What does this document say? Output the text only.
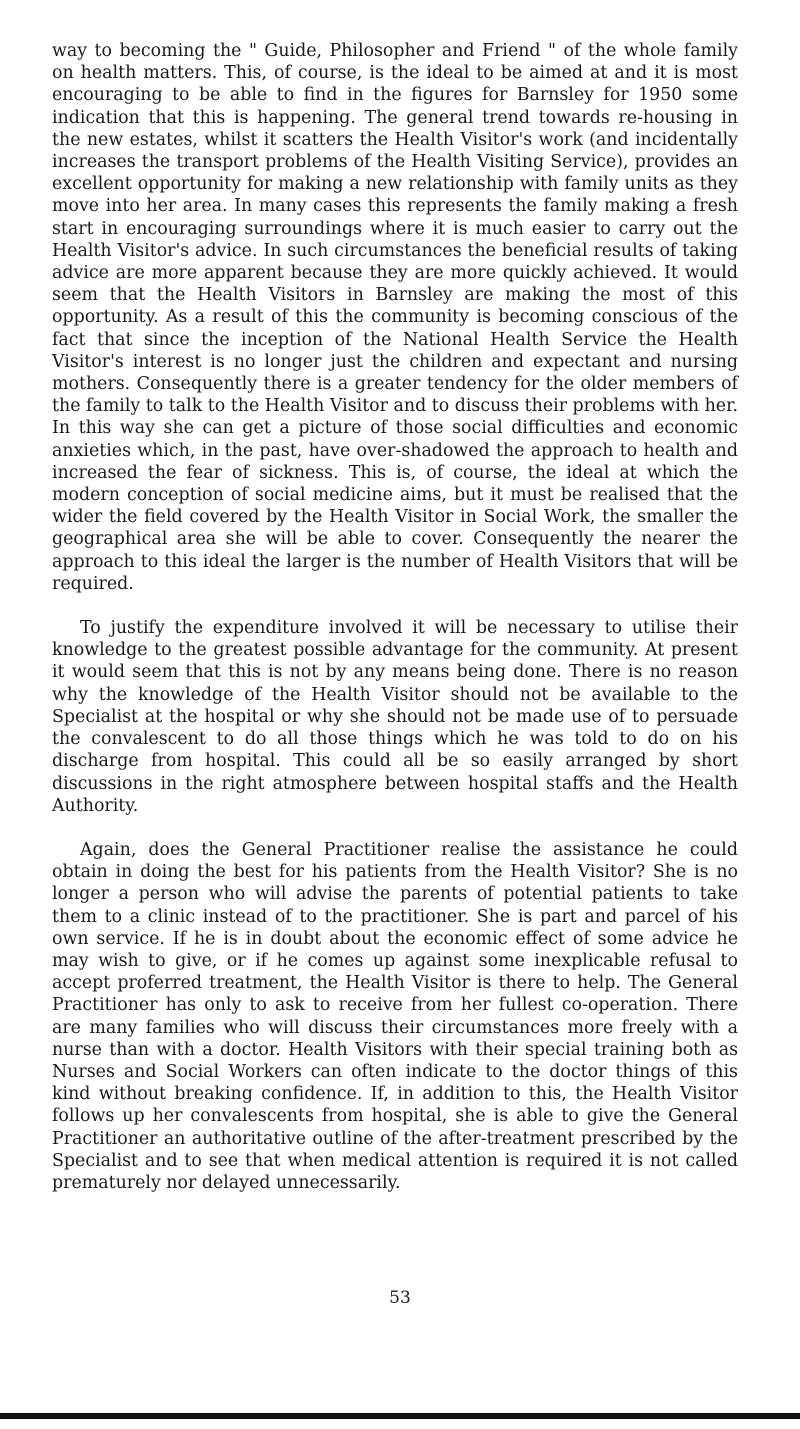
way to becoming the " Guide, Philosopher and Friend " of the whole family on health matters. This, of course, is the ideal to be aimed at and it is most encouraging to be able to find in the figures for Barnsley for 1950 some indication that this is happening. The general trend towards re-housing in the new estates, whilst it scatters the Health Visitor's work (and incidentally increases the transport problems of the Health Visiting Service), provides an excellent opportunity for making a new relationship with family units as they move into her area. In many cases this represents the family making a fresh start in encouraging surroundings where it is much easier to carry out the Health Visitor's advice. In such circumstances the beneficial results of taking advice are more apparent because they are more quickly achieved. It would seem that the Health Visitors in Barnsley are making the most of this opportunity. As a result of this the community is becoming conscious of the fact that since the inception of the National Health Service the Health Visitor's interest is no longer just the children and expectant and nursing mothers. Consequently there is a greater tendency for the older members of the family to talk to the Health Visitor and to discuss their problems with her. In this way she can get a picture of those social difficulties and economic anxieties which, in the past, have over-shadowed the approach to health and increased the fear of sickness. This is, of course, the ideal at which the modern conception of social medicine aims, but it must be realised that the wider the field covered by the Health Visitor in Social Work, the smaller the geographical area she will be able to cover. Consequently the nearer the approach to this ideal the larger is the number of Health Visitors that will be required.

To justify the expenditure involved it will be necessary to utilise their knowledge to the greatest possible advantage for the community. At present it would seem that this is not by any means being done. There is no reason why the knowledge of the Health Visitor should not be available to the Specialist at the hospital or why she should not be made use of to persuade the convalescent to do all those things which he was told to do on his discharge from hospital. This could all be so easily arranged by short discussions in the right atmosphere between hospital staffs and the Health Authority.

Again, does the General Practitioner realise the assistance he could obtain in doing the best for his patients from the Health Visitor? She is no longer a person who will advise the parents of potential patients to take them to a clinic instead of to the practitioner. She is part and parcel of his own service. If he is in doubt about the economic effect of some advice he may wish to give, or if he comes up against some inexplicable refusal to accept proferred treatment, the Health Visitor is there to help. The General Practitioner has only to ask to receive from her fullest co-operation. There are many families who will discuss their circumstances more freely with a nurse than with a doctor. Health Visitors with their special training both as Nurses and Social Workers can often indicate to the doctor things of this kind without breaking confidence. If, in addition to this, the Health Visitor follows up her convalescents from hospital, she is able to give the General Practitioner an authoritative outline of the after-treatment prescribed by the Specialist and to see that when medical attention is required it is not called prematurely nor delayed unnecessarily.

53
